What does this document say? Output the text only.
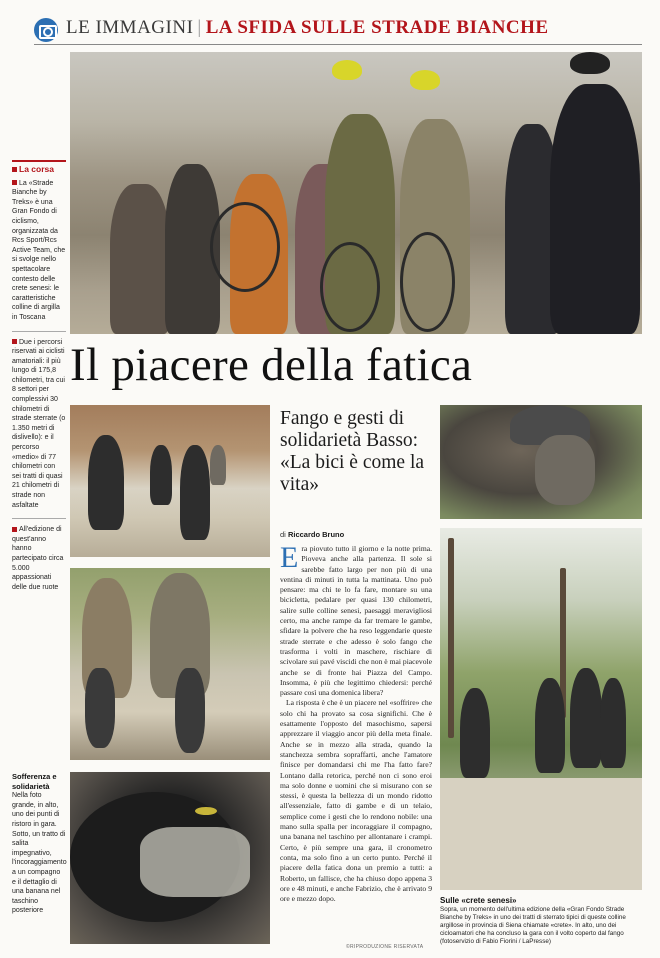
LE IMMAGINI | LA SFIDA SULLE STRADE BIANCHE
Il piacere della fatica
La corsa
La «Strade Bianche by Treks» è una Gran Fondo di ciclismo, organizzata da Rcs Sport/Rcs Active Team, che si svolge nello spettacolare contesto delle crete senesi: le caratteristiche colline di argilla in Toscana
Due i percorsi riservati ai ciclisti amatoriali: il più lungo di 175,8 chilometri, tra cui 8 settori per complessivi 30 chilometri di strade sterrate (o 1.350 metri di dislivello): e il percorso «medio» di 77 chilometri con sei tratti di quasi 21 chilometri di strade non asfaltate
All'edizione di quest'anno hanno partecipato circa 5.000 appassionati delle due ruote
Fango e gesti di solidarietà Basso: «La bici è come la vita»
di Riccardo Bruno

Era piovuto tutto il giorno e la notte prima. Pioveva anche alla partenza. Il sole si sarebbe fatto largo per non più di una ventina di minuti in tutta la mattinata. Uno può pensare: ma chi te lo fa fare, montare su una bicicletta, pedalare per quasi 130 chilometri, salire sulle colline senesi, paesaggi meravigliosi certo, ma anche rampe da far tremare le gambe, sfidare la polvere che ha reso leggendarie queste strade sterrate e che adesso è solo fango che trasforma i volti in maschere, rischiare di scivolare sui pavé viscidi che non è mai piacevole anche se di fronte hai Piazza del Campo. Insomma, è più che legittimo chiedersi: perché passare così una domenica libera?

La risposta è che è un piacere nel «soffrire» che solo chi ha provato sa cosa significhi. Che è esattamente l'opposto del masochismo, sapersi apprezzare il viaggio ancor più della meta finale. Anche se in mezzo alla strada, quando la stanchezza sembra sopraffarti, anche l'amatore finisce per domandarsi chi me l'ha fatto fare? Lontano dalla retorica, perché non ci sono eroi ma solo donne e uomini che si misurano con se stessi, è questa la bellezza di un mondo ridotto all'essenziale, fatto di gambe e di un telaio, semplice come i gesti che lo rendono nobile: una mano sulla spalla per incoraggiare il compagno, una banana nel taschino per allontanare i crampi. Certo, è più sempre una gara, il cronometro conta, ma solo fino a un certo punto. Perché il piacere della fatica dona un premio a tutti: a Roberto, un fallisce, che ha chiuso dopo appena 3 ore e 48 minuti, e anche Fabrizio, che è arrivato 9 ore e mezzo dopo.

Sofferenza e solidarietà
Nella foto grande, in alto, uno dei punti di ristoro in gara. Sotto, un tratto di salita impegnativo, l'incoraggiamento a un compagno e il dettaglio di una banana nel taschino posteriore
Sulle «crete senesi»
Sopra, un momento dell'ultima edizione della «Gran Fondo Strade Bianche by Treks» in uno dei tratti di sterrato tipici di queste colline argillose in provincia di Siena chiamate «crete». In alto, uno dei cicloamatori che ha concluso la gara con il volto coperto dal fango
(fotoservizio di Fabio Fiorini / LaPresse)
©RIPRODUZIONE RISERVATA
